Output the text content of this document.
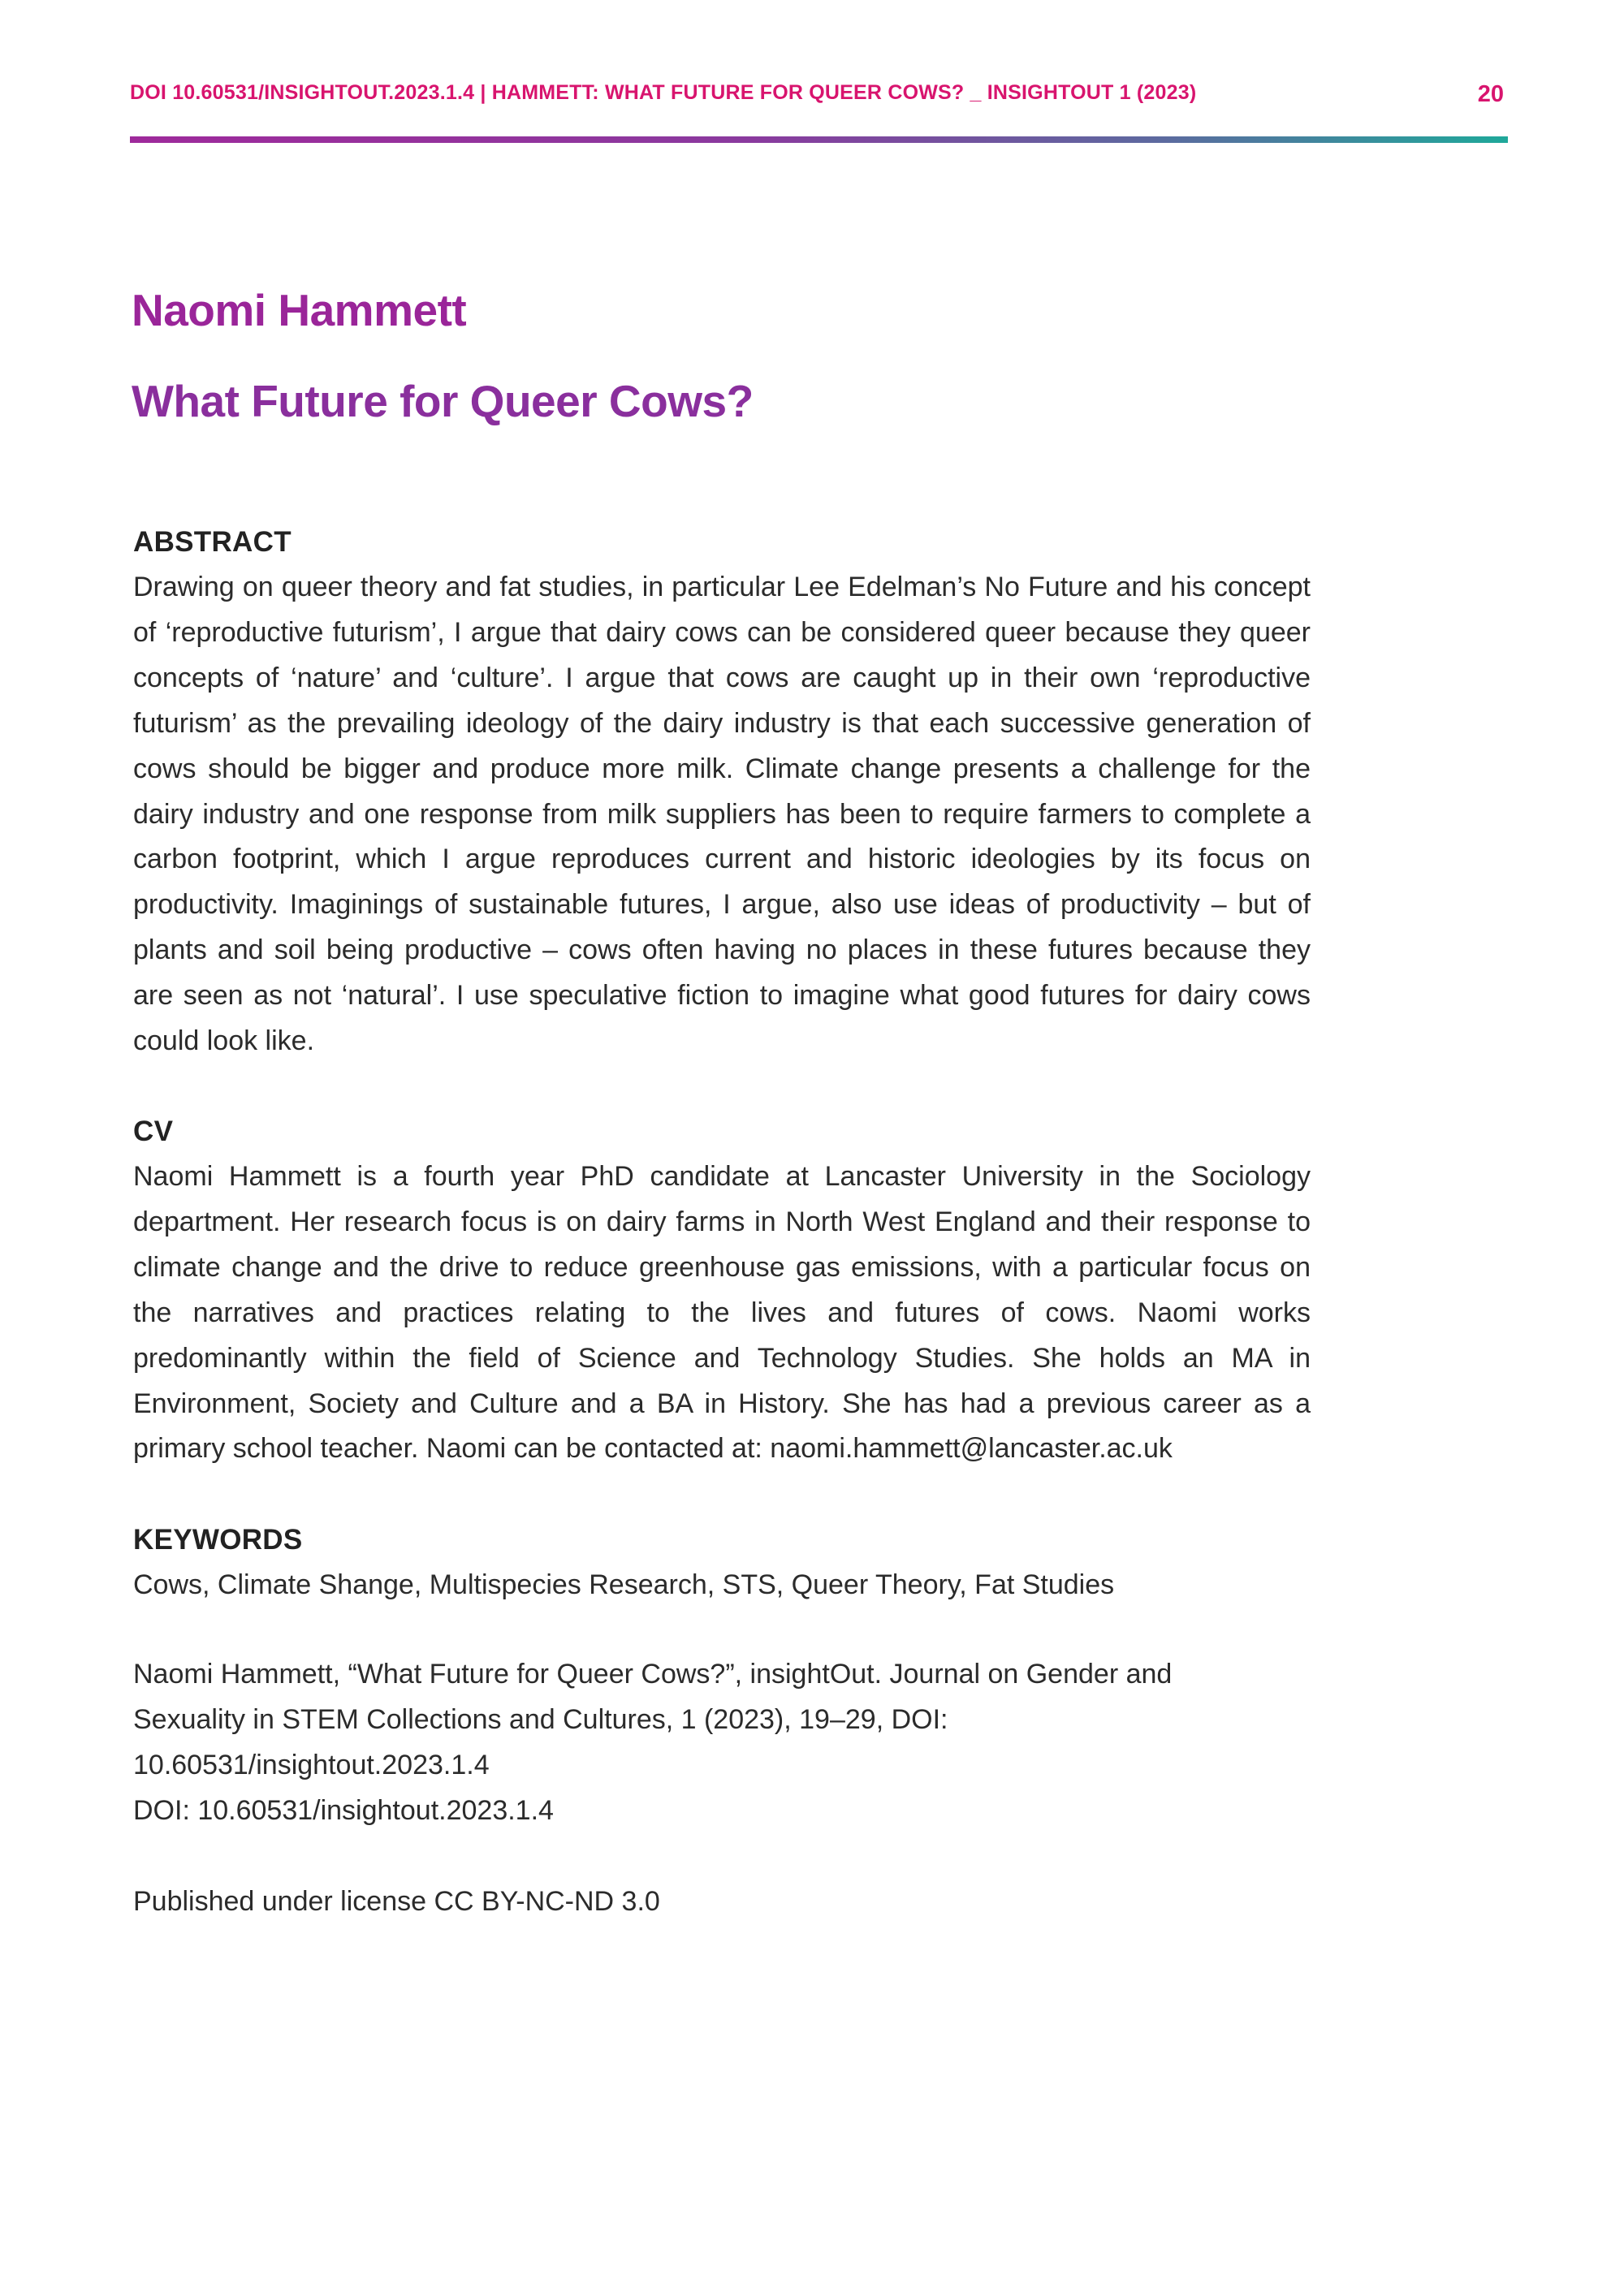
DOI 10.60531/INSIGHTOUT.2023.1.4 | HAMMETT: WHAT FUTURE FOR QUEER COWS? _ INSIGHTOUT 1 (2023)	20
Naomi Hammett
What Future for Queer Cows?
ABSTRACT

Drawing on queer theory and fat studies, in particular Lee Edelman’s No Future and his concept of ‘reproductive futurism’, I argue that dairy cows can be considered queer because they queer concepts of ‘nature’ and ‘culture’. I argue that cows are caught up in their own ‘reproductive futurism’ as the prevailing ideology of the dairy industry is that each successive generation of cows should be bigger and produce more milk. Climate change presents a challenge for the dairy industry and one response from milk suppliers has been to require farmers to complete a carbon footprint, which I argue reproduces current and historic ideologies by its focus on productivity. Imaginings of sustainable futures, I argue, also use ideas of productivity – but of plants and soil being productive – cows often having no places in these futures because they are seen as not ‘natural’. I use speculative fiction to imagine what good futures for dairy cows could look like.

CV

Naomi Hammett is a fourth year PhD candidate at Lancaster University in the Sociology department. Her research focus is on dairy farms in North West England and their response to climate change and the drive to reduce greenhouse gas emissions, with a particular focus on the narratives and practices relating to the lives and futures of cows. Naomi works predominantly within the field of Science and Technology Studies. She holds an MA in Environment, Society and Culture and a BA in History. She has had a previous career as a primary school teacher. Naomi can be contacted at: naomi.hammett@lancaster.ac.uk

KEYWORDS

Cows, Climate Shange, Multispecies Research, STS, Queer Theory, Fat Studies

Naomi Hammett, “What Future for Queer Cows?”, insightOut. Journal on Gender and
Sexuality in STEM Collections and Cultures, 1 (2023), 19–29, DOI: 10.60531/insightout.2023.1.4
DOI: 10.60531/insightout.2023.1.4
Published under license CC BY-NC-ND 3.0
